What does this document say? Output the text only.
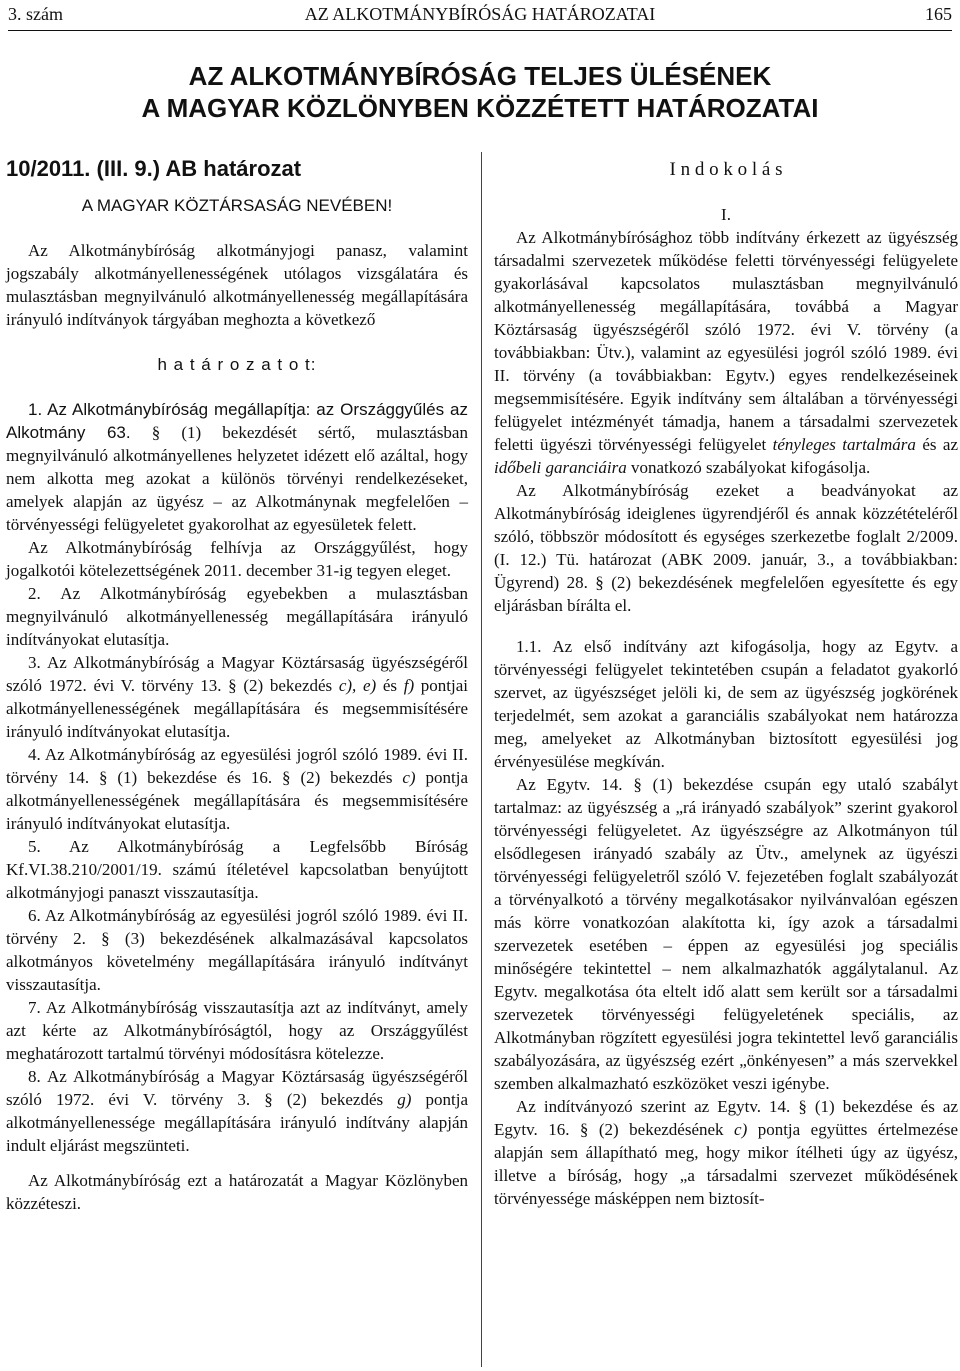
3. szám	AZ ALKOTMÁNYBÍRÓSÁG HATÁROZATAI	165
AZ ALKOTMÁNYBÍRÓSÁG TELJES ÜLÉSÉNEK
A MAGYAR KÖZLÖNYBEN KÖZZÉTETT HATÁROZATAI
10/2011. (III. 9.) AB határozat
A MAGYAR KÖZTÁRSASÁG NEVÉBEN!

Az Alkotmánybíróság alkotmányjogi panasz, valamint jogszabály alkotmányellenességének utólagos vizsgálatára és mulasztásban megnyilvánuló alkotmányellenesség megállapítására irányuló indítványok tárgyában meghozta a következő

h a t á r o z a t o t:

1. Az Alkotmánybíróság megállapítja: az Országgyűlés az Alkotmány 63. § (1) bekezdését sértő, mulasztásban megnyilvánuló alkotmányellenes helyzetet idézett elő azáltal, hogy nem alkotta meg azokat a különös törvényi rendelkezéseket, amelyek alapján az ügyész – az Alkotmánynak megfelelően – törvényességi felügyeletet gyakorolhat az egyesületek felett.

Az Alkotmánybíróság felhívja az Országgyűlést, hogy jogalkotói kötelezettségének 2011. december 31-ig tegyen eleget.

2. Az Alkotmánybíróság egyebekben a mulasztásban megnyilvánuló alkotmányellenesség megállapítására irányuló indítványokat elutasítja.

3. Az Alkotmánybíróság a Magyar Köztársaság ügyészségéről szóló 1972. évi V. törvény 13. § (2) bekezdés c), e) és f) pontjai alkotmányellenességének megállapítására és megsemmisítésére irányuló indítványokat elutasítja.

4. Az Alkotmánybíróság az egyesülési jogról szóló 1989. évi II. törvény 14. § (1) bekezdése és 16. § (2) bekezdés c) pontja alkotmányellenességének megállapítására és megsemmisítésére irányuló indítványokat elutasítja.

5. Az Alkotmánybíróság a Legfelsőbb Bíróság Kf.VI.38.210/2001/19. számú ítéletével kapcsolatban benyújtott alkotmányjogi panaszt visszautasítja.

6. Az Alkotmánybíróság az egyesülési jogról szóló 1989. évi II. törvény 2. § (3) bekezdésének alkalmazásával kapcsolatos alkotmányos követelmény megállapítására irányuló indítványt visszautasítja.

7. Az Alkotmánybíróság visszautasítja azt az indítványt, amely azt kérte az Alkotmánybíróságtól, hogy az Országgyűlést meghatározott tartalmú törvényi módosításra kötelezze.

8. Az Alkotmánybíróság a Magyar Köztársaság ügyészségéről szóló 1972. évi V. törvény 3. § (2) bekezdés g) pontja alkotmányellenessége megállapítására irányuló indítvány alapján indult eljárást megszünteti.

Az Alkotmánybíróság ezt a határozatát a Magyar Közlönyben közzéteszi.

I n d o k o l á s

I.

Az Alkotmánybírósághoz több indítvány érkezett az ügyészség társadalmi szervezetek működése feletti törvényességi felügyelete gyakorlásával kapcsolatos mulasztásban megnyilvánuló alkotmányellenesség megállapítására, továbbá a Magyar Köztársaság ügyészségéről szóló 1972. évi V. törvény (a továbbiakban: Ütv.), valamint az egyesülési jogról szóló 1989. évi II. törvény (a továbbiakban: Egytv.) egyes rendelkezéseinek megsemmisítésére. Egyik indítvány sem általában a törvényességi felügyelet intézményét támadja, hanem a társadalmi szervezetek feletti ügyészi törvényességi felügyelet tényleges tartalmára és az időbeli garanciáira vonatkozó szabályokat kifogásolja.

Az Alkotmánybíróság ezeket a beadványokat az Alkotmánybíróság ideiglenes ügyrendjéről és annak közzétételéről szóló, többször módosított és egységes szerkezetbe foglalt 2/2009. (I. 12.) Tü. határozat (ABK 2009. január, 3., a továbbiakban: Ügyrend) 28. § (2) bekezdésének megfelelően egyesítette és egy eljárásban bírálta el.

1.1. Az első indítvány azt kifogásolja, hogy az Egytv. a törvényességi felügyelet tekintetében csupán a feladatot gyakorló szervet, az ügyészséget jelöli ki, de sem az ügyészség jogkörének terjedelmét, sem azokat a garanciális szabályokat nem határozza meg, amelyeket az Alkotmányban biztosított egyesülési jog érvényesülése megkíván.

Az Egytv. 14. § (1) bekezdése csupán egy utaló szabályt tartalmaz: az ügyészség a „rá irányadó szabályok” szerint gyakorol törvényességi felügyeletet. Az ügyészségre az Alkotmányon túl elsődlegesen irányadó szabály az Ütv., amelynek az ügyészi törvényességi felügyeletről szóló V. fejezetében foglalt szabályozát a törvényalkotó a törvény megalkotásakor nyilvánvalóan egészen más körre vonatkozóan alakította ki, így azok a társadalmi szervezetek esetében – éppen az egyesülési jog speciális minőségére tekintettel – nem alkalmazhatók aggálytalanul. Az Egytv. megalkotása óta eltelt idő alatt sem került sor a társadalmi szervezetek törvényességi felügyeletének speciális, az Alkotmányban rögzített egyesülési jogra tekintettel levő garanciális szabályozására, az ügyészség ezért „önkényesen” a más szervekkel szemben alkalmazható eszközöket veszi igénybe.

Az indítványozó szerint az Egytv. 14. § (1) bekezdése és az Egytv. 16. § (2) bekezdésének c) pontja együttes értelmezése alapján sem állapítható meg, hogy mikor ítélheti úgy az ügyész, illetve a bíróság, hogy „a társadalmi szervezet működésének törvényessége másképpen nem biztosít-
